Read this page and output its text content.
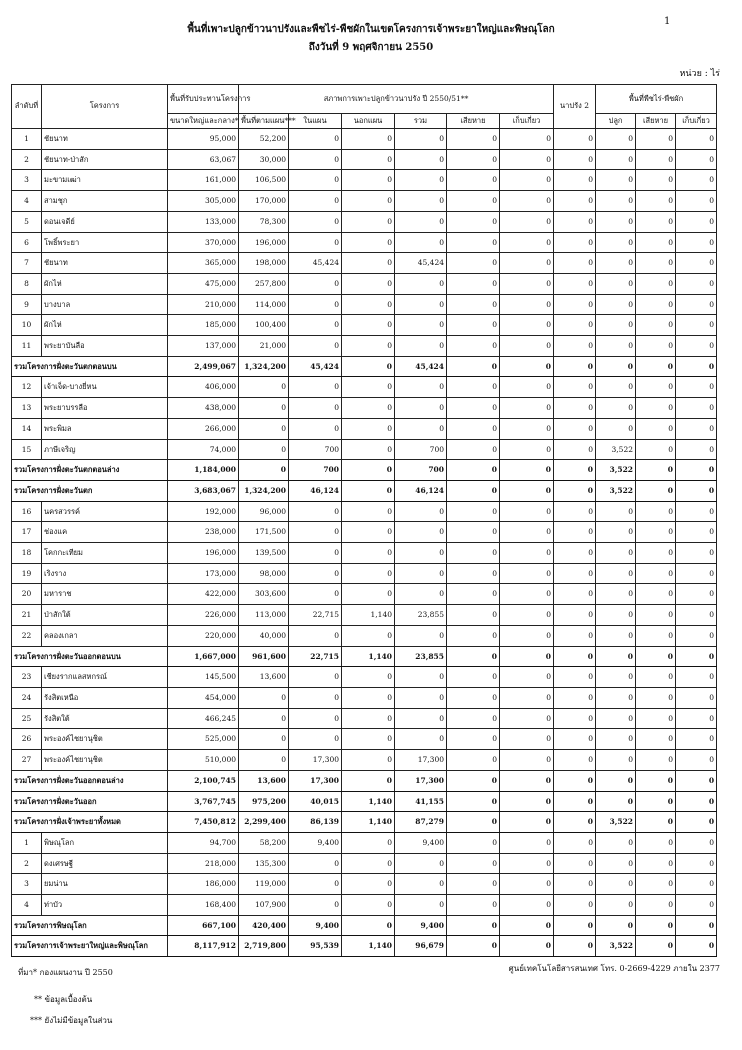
1
พื้นที่เพาะปลูกข้าวนาปรังและพืชไร่-พืชผักในเขตโครงการเจ้าพระยาใหญ่และพิษณุโลก
ถึงวันที่ 9 พฤศจิกายน 2550
หน่วย : ไร่
ลำดับที่	โครงการ	พื้นที่รับประทานโครงการ	สภาพการเพาะปลูกข้าวนาปรัง ปี 2550/51**						นาปรัง 2	พื้นที่พืชไร่-พืชผัก		
		ขนาดใหญ่และกลาง*	พื้นที่ตามแผน***	ในแผน	นอกแผน	รวม	เสียหาย	เก็บเกี่ยว		ปลูก	เสียหาย	เก็บเกี่ยว
1	ชัยนาท	95,000	52,200	0	0	0	0	0	0	0	0	0
2	ชัยนาท-ป่าสัก	63,067	30,000	0	0	0	0	0	0	0	0	0
3	มะขามเฒ่า	161,000	106,500	0	0	0	0	0	0	0	0	0
4	สามชุก	305,000	170,000	0	0	0	0	0	0	0	0	0
5	ดอนเจดีย์	133,000	78,300	0	0	0	0	0	0	0	0	0
6	โพธิ์พระยา	370,000	196,000	0	0	0	0	0	0	0	0	0
7	ชัยนาท	365,000	198,000	45,424	0	45,424	0	0	0	0	0	0
8	ผักไห่	475,000	257,800	0	0	0	0	0	0	0	0	0
9	บางบาล	210,000	114,000	0	0	0	0	0	0	0	0	0
10	ผักไห่	185,000	100,400	0	0	0	0	0	0	0	0	0
11	พระยาบันลือ	137,000	21,000	0	0	0	0	0	0	0	0	0
รวมโครงการฝั่งตะวันตกตอนบน		2,499,067	1,324,200	45,424	0	45,424	0	0	0	0	0	0
12	เจ้าเจ็ด-บางยี่หน	406,000	0	0	0	0	0	0	0	0	0	0
13	พระยาบรรลือ	438,000	0	0	0	0	0	0	0	0	0	0
14	พระพิมล	266,000	0	0	0	0	0	0	0	0	0	0
15	ภาษีเจริญ	74,000	0	700	0	700	0	0	0	3,522	0	0
รวมโครงการฝั่งตะวันตกตอนล่าง		1,184,000	0	700	0	700	0	0	0	3,522	0	0
รวมโครงการฝั่งตะวันตก		3,683,067	1,324,200	46,124	0	46,124	0	0	0	3,522	0	0
16	นครสวรรค์	192,000	96,000	0	0	0	0	0	0	0	0	0
17	ช่องแค	238,000	171,500	0	0	0	0	0	0	0	0	0
18	โคกกะเทียม	196,000	139,500	0	0	0	0	0	0	0	0	0
19	เริงราง	173,000	98,000	0	0	0	0	0	0	0	0	0
20	มหาราช	422,000	303,600	0	0	0	0	0	0	0	0	0
21	ป่าสักใต้	226,000	113,000	22,715	1,140	23,855	0	0	0	0	0	0
22	คลองเกลา	220,000	40,000	0	0	0	0	0	0	0	0	0
รวมโครงการฝั่งตะวันออกตอนบน		1,667,000	961,600	22,715	1,140	23,855	0	0	0	0	0	0
23	เชียงรากแลสหกรณ์	145,500	13,600	0	0	0	0	0	0	0	0	0
24	รังสิตเหนือ	454,000	0	0	0	0	0	0	0	0	0	0
25	รังสิตใต้	466,245	0	0	0	0	0	0	0	0	0	0
26	พระองค์ไชยานุชิต	525,000	0	0	0	0	0	0	0	0	0	0
27	พระองค์ไชยานุชิต	510,000	0	17,300	0	17,300	0	0	0	0	0	0
รวมโครงการฝั่งตะวันออกตอนล่าง		2,100,745	13,600	17,300	0	17,300	0	0	0	0	0	0
รวมโครงการฝั่งตะวันออก		3,767,745	975,200	40,015	1,140	41,155	0	0	0	0	0	0
รวมโครงการฝั่งเจ้าพระยาทั้งหมด		7,450,812	2,299,400	86,139	1,140	87,279	0	0	0	3,522	0	0
1	พิษณุโลก	94,700	58,200	9,400	0	9,400	0	0	0	0	0	0
2	ดงเศรษฐี	218,000	135,300	0	0	0	0	0	0	0	0	0
3	ยมน่าน	186,000	119,000	0	0	0	0	0	0	0	0	0
4	ท่าบัว	168,400	107,900	0	0	0	0	0	0	0	0	0
รวมโครงการพิษณุโลก		667,100	420,400	9,400	0	9,400	0	0	0	0	0	0
รวมโครงการเจ้าพระยาใหญ่และพิษณุโลก		8,117,912	2,719,800	95,539	1,140	96,679	0	0	0	3,522	0	0
ที่มา* กองแผนงาน ปี 2550
** ข้อมูลเบื้องต้น
*** ยังไม่มีข้อมูลในส่วน
ศูนย์เทคโนโลยีสารสนเทศ โทร. 0-2669-4229 ภายใน 2377
